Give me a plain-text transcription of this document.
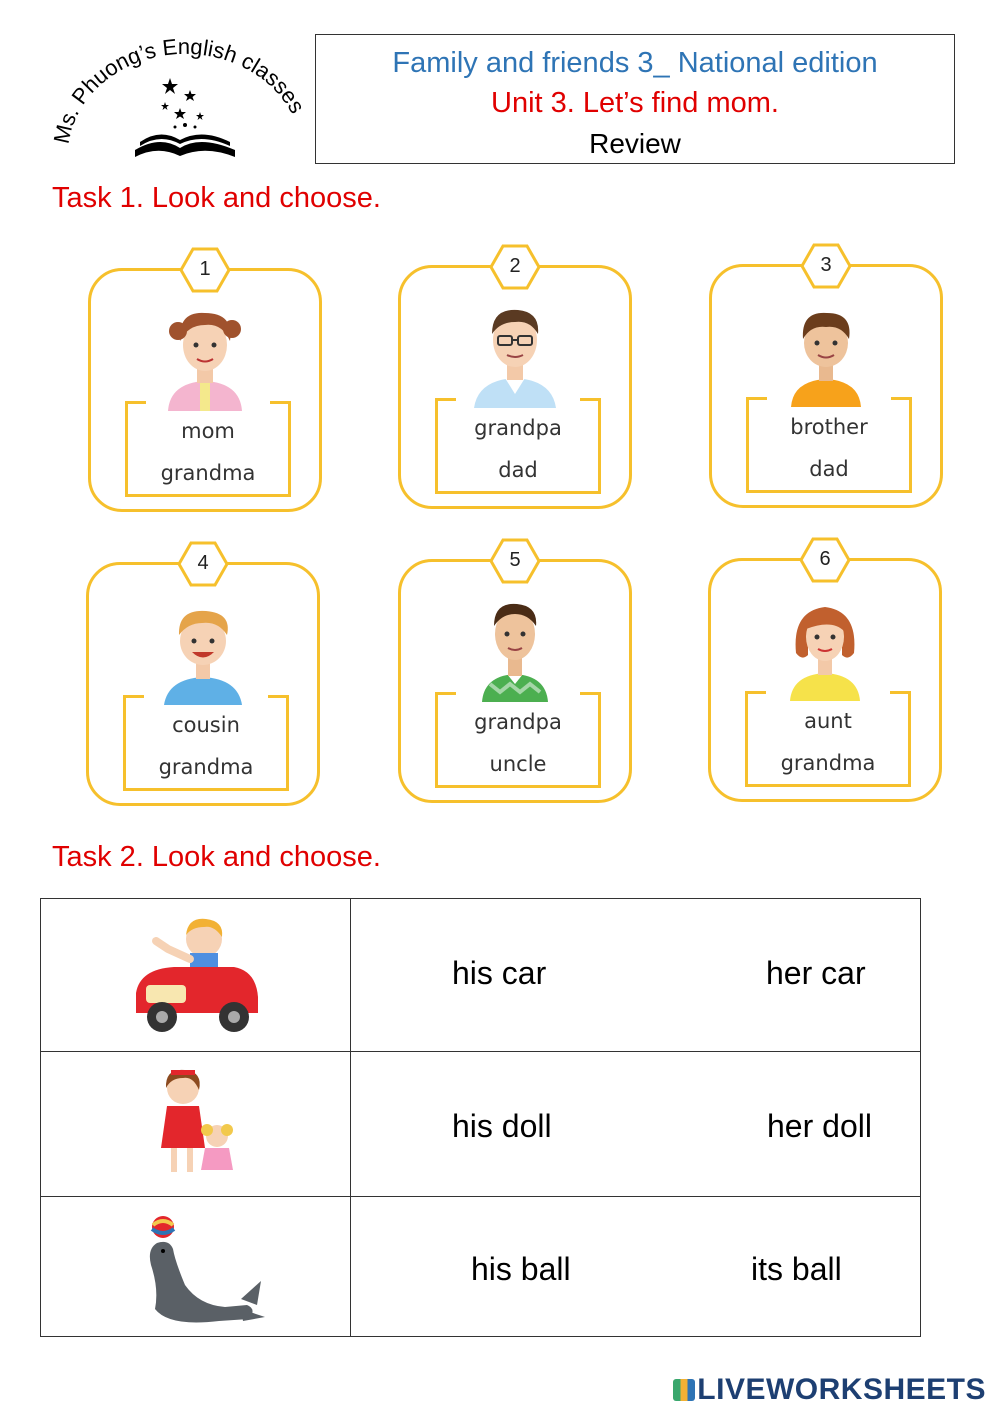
Ms. Phuong’s English classes
Family and friends 3_ National edition
Unit 3. Let’s find mom.
Review
Task 1. Look and choose.
1
mom
grandma
2
grandpa
dad
3
brother
dad
4
cousin
grandma
5
grandpa
uncle
6
aunt
grandma
Task 2. Look and choose.

his car her car

his doll her doll

his ball its ball
LIVEWORKSHEETS
